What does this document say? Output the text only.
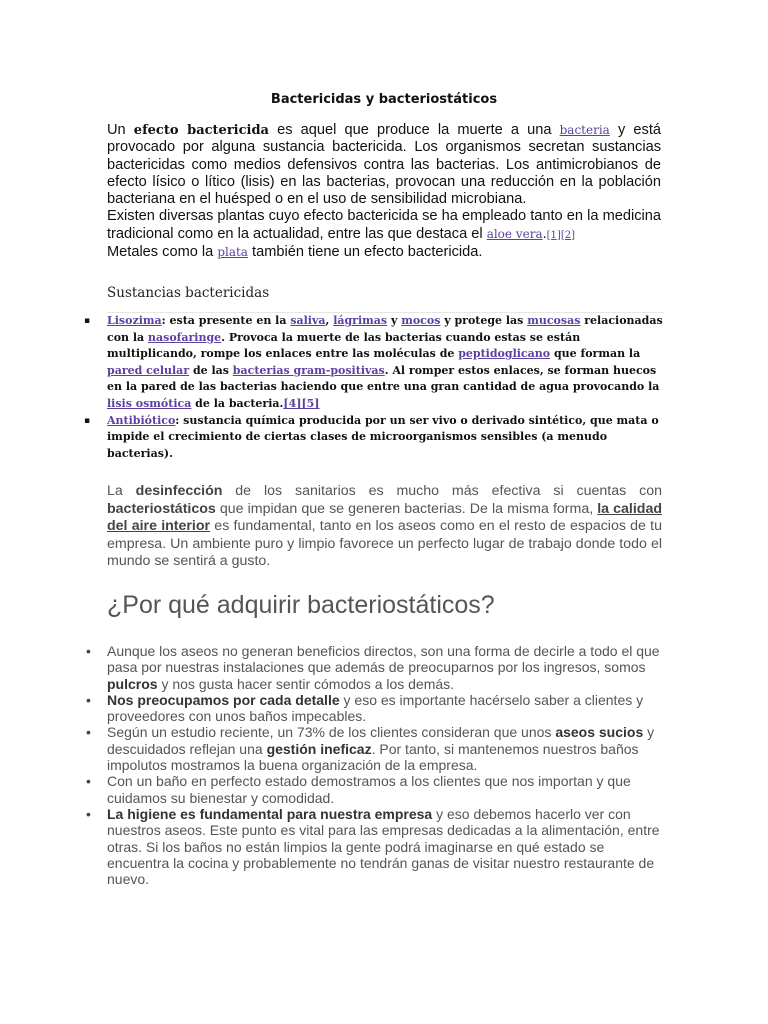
Bactericidas y bacteriostáticos

Un efecto bactericida es aquel que produce la muerte a una bacteria y está provocado por alguna sustancia bactericida. Los organismos secretan sustancias bactericidas como medios defensivos contra las bacterias. Los antimicrobianos de efecto lísico o lítico (lisis) en las bacterias, provocan una reducción en la población bacteriana en el huésped o en el uso de sensibilidad microbiana.

Existen diversas plantas cuyo efecto bactericida se ha empleado tanto en la medicina tradicional como en la actualidad, entre las que destaca el aloe vera.[1][2]

Metales como la plata también tiene un efecto bactericida.

Sustancias bactericidas
▪ Lisozima: esta presente en la saliva, lágrimas y mocos y protege las mucosas relacionadas con la nasofaringe. Provoca la muerte de las bacterias cuando estas se están multiplicando, rompe los enlaces entre las moléculas de peptidoglicano que forman la pared celular de las bacterias gram-positivas. Al romper estos enlaces, se forman huecos en la pared de las bacterias haciendo que entre una gran cantidad de agua provocando la lisis osmótica de la bacteria.[4][5]
▪ Antibiótico: sustancia química producida por un ser vivo o derivado sintético, que mata o impide el crecimiento de ciertas clases de microorganismos sensibles (a menudo bacterias).

La desinfección de los sanitarios es mucho más efectiva si cuentas con bacteriostáticos que impidan que se generen bacterias. De la misma forma, la calidad del aire interior es fundamental, tanto en los aseos como en el resto de espacios de tu empresa. Un ambiente puro y limpio favorece un perfecto lugar de trabajo donde todo el mundo se sentirá a gusto.

¿Por qué adquirir bacteriostáticos?
• Aunque los aseos no generan beneficios directos, son una forma de decirle a todo el que pasa por nuestras instalaciones que además de preocuparnos por los ingresos, somos pulcros y nos gusta hacer sentir cómodos a los demás.
• Nos preocupamos por cada detalle y eso es importante hacérselo saber a clientes y proveedores con unos baños impecables.
• Según un estudio reciente, un 73% de los clientes consideran que unos aseos sucios y descuidados reflejan una gestión ineficaz. Por tanto, si mantenemos nuestros baños impolutos mostramos la buena organización de la empresa.
• Con un baño en perfecto estado demostramos a los clientes que nos importan y que cuidamos su bienestar y comodidad.
• La higiene es fundamental para nuestra empresa y eso debemos hacerlo ver con nuestros aseos. Este punto es vital para las empresas dedicadas a la alimentación, entre otras. Si los baños no están limpios la gente podrá imaginarse en qué estado se encuentra la cocina y probablemente no tendrán ganas de visitar nuestro restaurante de nuevo.
